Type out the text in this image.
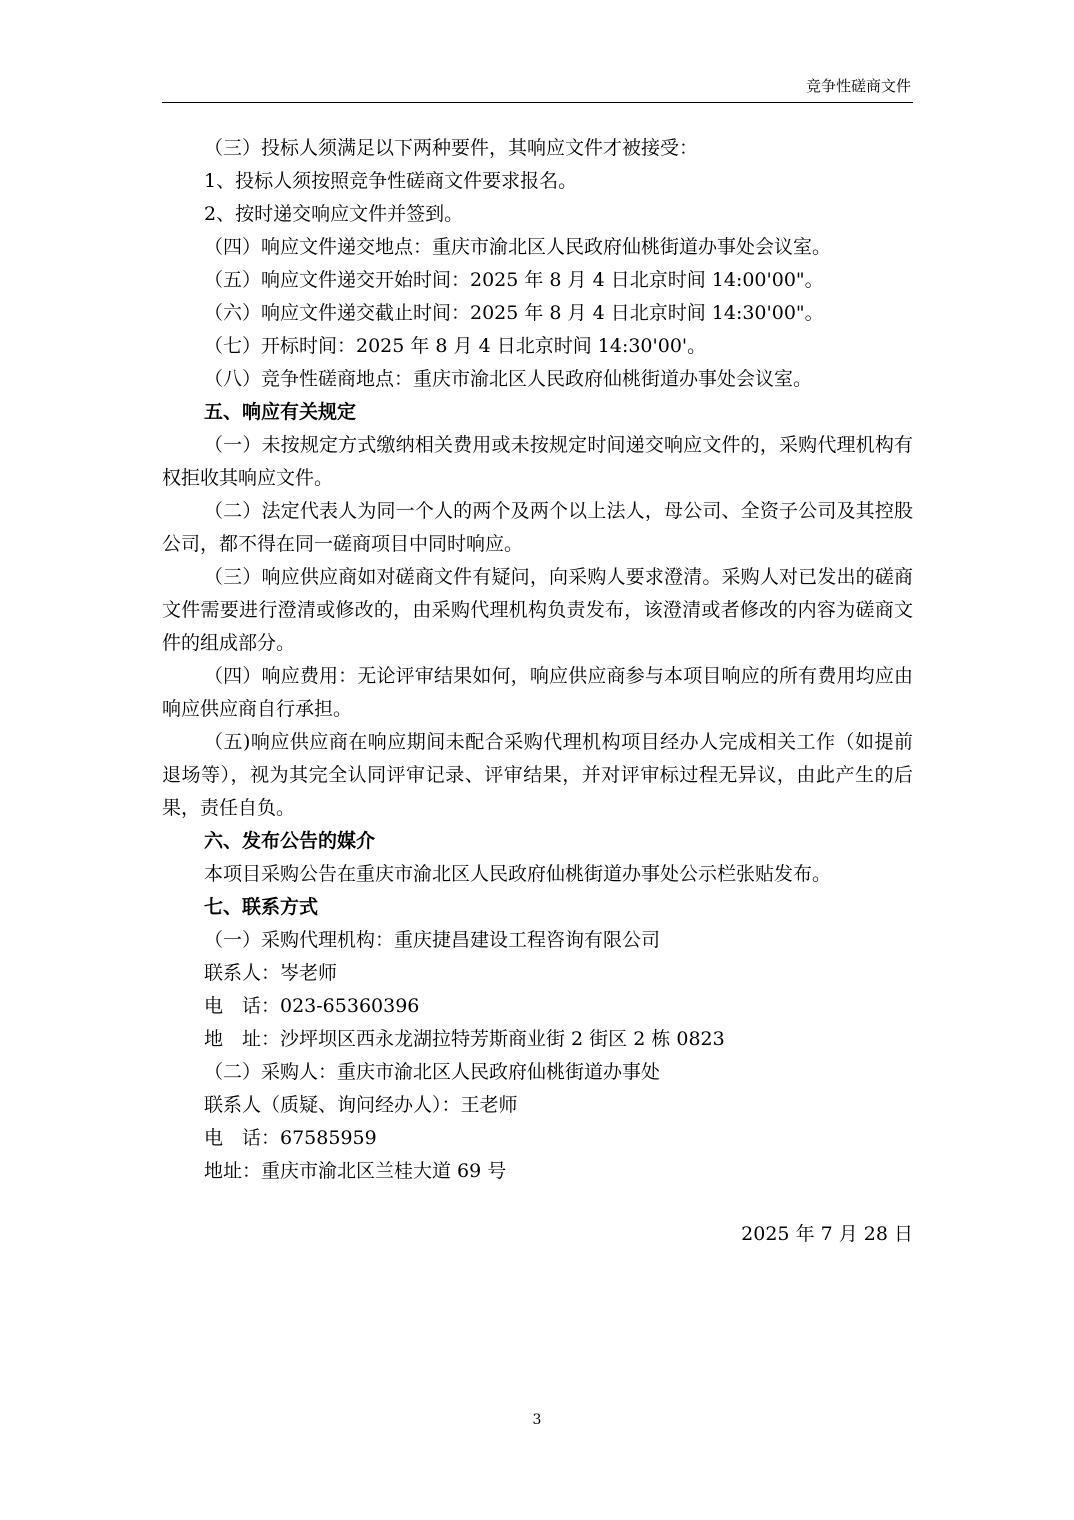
竞争性磋商文件
（三）投标人须满足以下两种要件，其响应文件才被接受：
1、投标人须按照竞争性磋商文件要求报名。
2、按时递交响应文件并签到。
（四）响应文件递交地点：重庆市渝北区人民政府仙桃街道办事处会议室。
（五）响应文件递交开始时间：2025 年 8 月 4 日北京时间 14:00'00"。
（六）响应文件递交截止时间：2025 年 8 月 4 日北京时间 14:30'00"。
（七）开标时间：2025 年 8 月 4 日北京时间 14:30'00'。
（八）竞争性磋商地点：重庆市渝北区人民政府仙桃街道办事处会议室。
五、响应有关规定
（一）未按规定方式缴纳相关费用或未按规定时间递交响应文件的，采购代理机构有权拒收其响应文件。
（二）法定代表人为同一个人的两个及两个以上法人，母公司、全资子公司及其控股公司，都不得在同一磋商项目中同时响应。
（三）响应供应商如对磋商文件有疑问，向采购人要求澄清。采购人对已发出的磋商文件需要进行澄清或修改的，由采购代理机构负责发布，该澄清或者修改的内容为磋商文件的组成部分。
（四）响应费用：无论评审结果如何，响应供应商参与本项目响应的所有费用均应由响应供应商自行承担。
（五)响应供应商在响应期间未配合采购代理机构项目经办人完成相关工作（如提前退场等），视为其完全认同评审记录、评审结果，并对评审标过程无异议，由此产生的后果，责任自负。
六、发布公告的媒介
本项目采购公告在重庆市渝北区人民政府仙桃街道办事处公示栏张贴发布。
七、联系方式
（一）采购代理机构：重庆捷昌建设工程咨询有限公司
联系人：岑老师
电　话：023-65360396
地　址：沙坪坝区西永龙湖拉特芳斯商业街 2 街区 2 栋 0823
（二）采购人：重庆市渝北区人民政府仙桃街道办事处
联系人（质疑、询问经办人）：王老师
电　话：67585959
地址：重庆市渝北区兰桂大道 69 号
2025 年 7 月 28 日
3
